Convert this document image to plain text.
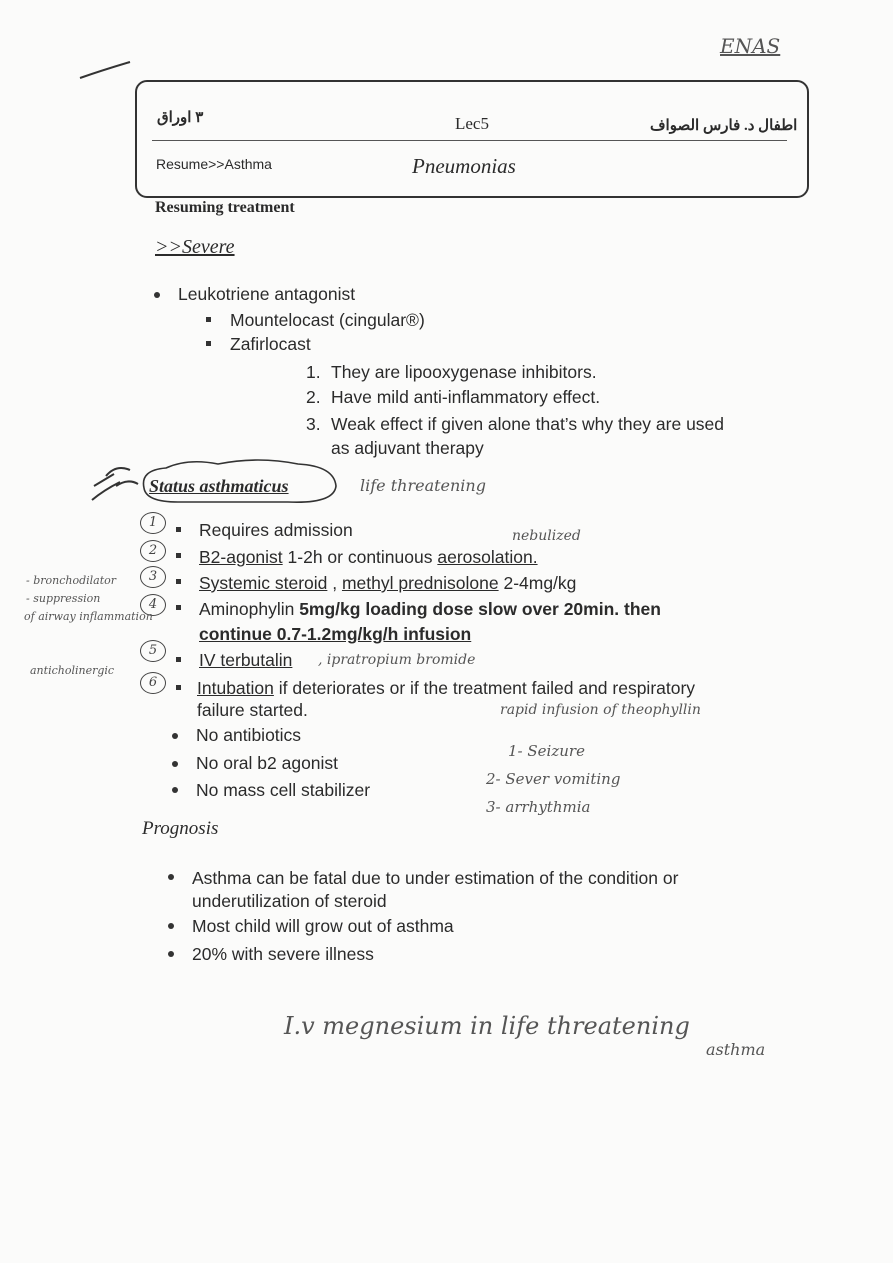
ENAS
٣ اوراق	Lec5	اطفال د. فارس الصواف
Resume>>Asthma	Pneumonias
Resuming treatment
>>Severe
Leukotriene antagonist
Mountelocast (cingular®)
Zafirlocast
1. They are lipooxygenase inhibitors.
2. Have mild anti-inflammatory effect.
3. Weak effect if given alone that’s why they are used
as adjuvant therapy
Status asthmaticus	life threatening
1
2
3
4
5
6
Requires admission	nebulized
B2-agonist 1-2h or continuous aerosolation.
Systemic steroid , methyl prednisolone 2-4mg/kg
Aminophylin 5mg/kg loading dose slow over 20min. then
continue 0.7-1.2mg/kg/h infusion
IV terbutalin , ipratropium bromide
Intubation if deteriorates or if the treatment failed and respiratory
failure started.
- bronchodilator
- suppression
of airway inflammation
anticholinergic
No antibiotics
No oral b2 agonist
No mass cell stabilizer
rapid infusion of theophyllin
1- Seizure
2- Sever vomiting
3- arrhythmia
Prognosis
Asthma can be fatal due to under estimation of the condition or
underutilization of steroid
Most child will grow out of asthma
20% with severe illness
I.v megnesium in life threatening
asthma
